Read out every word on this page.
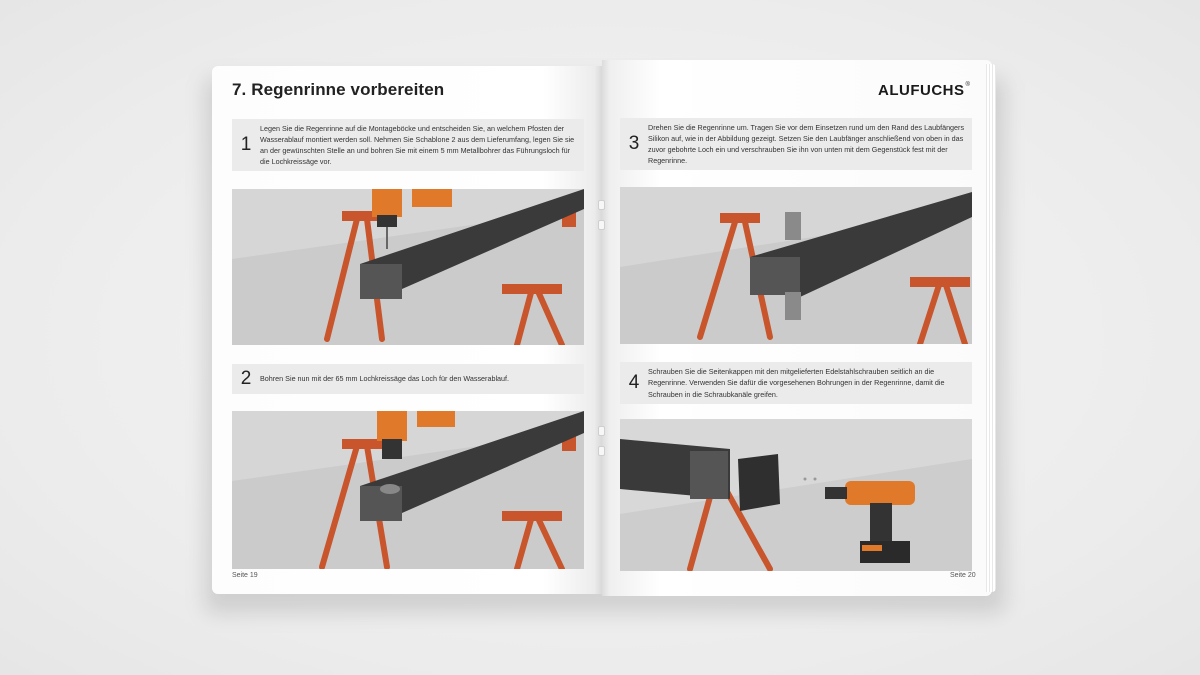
7. Regenrinne vorbereiten
1
Legen Sie die Regenrinne auf die Montageböcke und entscheiden Sie, an welchem Pfosten der Wasserablauf montiert werden soll. Nehmen Sie Schablone 2 aus dem Lieferumfang, legen Sie sie an der gewünschten Stelle an und bohren Sie mit einem 5 mm Metallbohrer das Führungsloch für die Lochkreissäge vor.
2	Bohren Sie nun mit der 65 mm Lochkreissäge das Loch für den Wasserablauf.
Seite 19
ALUFUCHS®
3
Drehen Sie die Regenrinne um. Tragen Sie vor dem Einsetzen rund um den Rand des Laubfängers Silikon auf, wie in der Abbildung gezeigt. Setzen Sie den Laubfänger anschließend von oben in das zuvor gebohrte Loch ein und verschrauben Sie ihn von unten mit dem Gegenstück fest mit der Regenrinne.
4
Schrauben Sie die Seitenkappen mit den mitgelieferten Edelstahlschrauben seitlich an die Regenrinne. Verwenden Sie dafür die vorgesehenen Bohrungen in der Regenrinne, damit die Schrauben in die Schraubkanäle greifen.
Seite 20
